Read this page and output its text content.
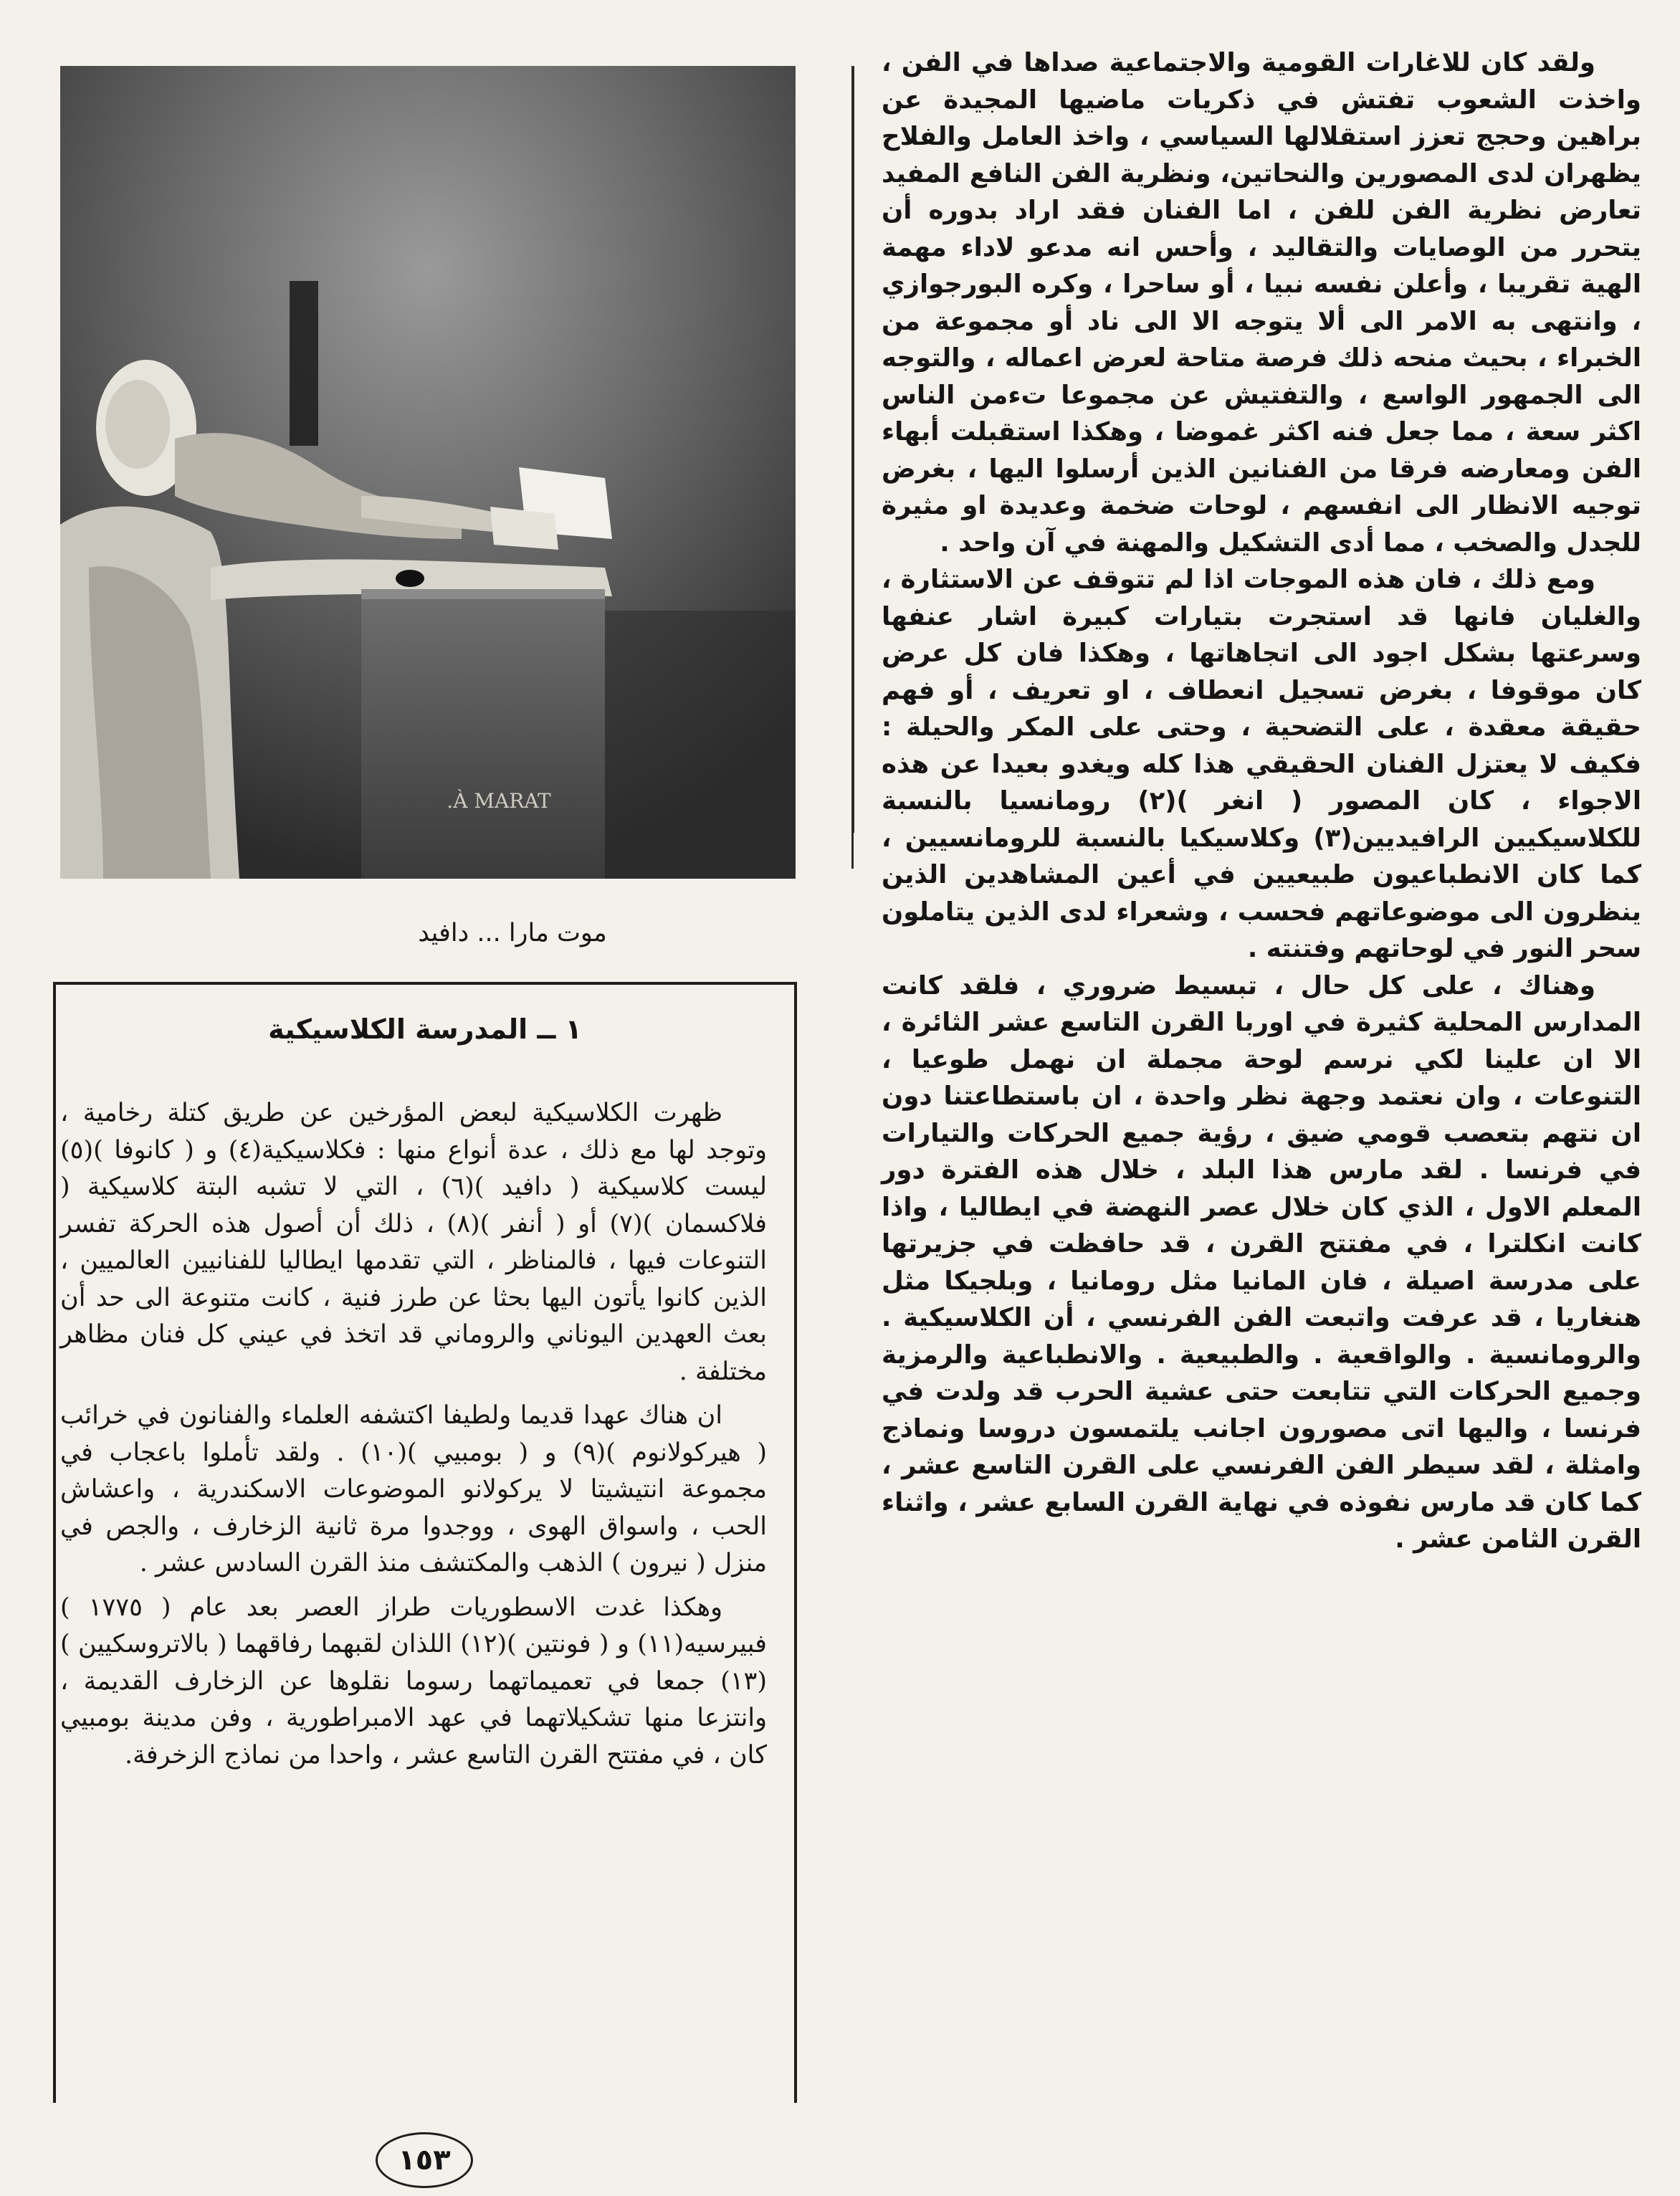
ولقد كان للاغارات القومية والاجتماعية صداها في الفن ، واخذت الشعوب تفتش في ذكريات ماضيها المجيدة عن براهين وحجج تعزز استقلالها السياسي ، واخذ العامل والفلاح يظهران لدى المصورين والنحاتين، ونظرية الفن النافع المفيد تعارض نظرية الفن للفن ، اما الفنان فقد اراد بدوره أن يتحرر من الوصايات والتقاليد ، وأحس انه مدعو لاداء مهمة الهية تقريبا ، وأعلن نفسه نبيا ، أو ساحرا ، وكره البورجوازي ، وانتهى به الامر الى ألا يتوجه الا الى ناد أو مجموعة من الخبراء ، بحيث منحه ذلك فرصة متاحة لعرض اعماله ، والتوجه الى الجمهور الواسع ، والتفتيش عن مجموعا تءمن الناس اكثر سعة ، مما جعل فنه اكثر غموضا ، وهكذا استقبلت أبهاء الفن ومعارضه فرقا من الفنانين الذين أرسلوا اليها ، بغرض توجيه الانظار الى انفسهم ، لوحات ضخمة وعديدة او مثيرة للجدل والصخب ، مما أدى التشكيل والمهنة في آن واحد .

ومع ذلك ، فان هذه الموجات اذا لم تتوقف عن الاستثارة ، والغليان فانها قد استجرت بتيارات كبيرة اشار عنفها وسرعتها بشكل اجود الى اتجاهاتها ، وهكذا فان كل عرض كان موقوفا ، بغرض تسجيل انعطاف ، او تعريف ، أو فهم حقيقة معقدة ، على التضحية ، وحتى على المكر والحيلة : فكيف لا يعتزل الفنان الحقيقي هذا كله ويغدو بعيدا عن هذه الاجواء ، كان المصور ( انغر )(٢) رومانسيا بالنسبة للكلاسيكيين الرافيديين(٣) وكلاسيكيا بالنسبة للرومانسيين ، كما كان الانطباعيون طبيعيين في أعين المشاهدين الذين ينظرون الى موضوعاتهم فحسب ، وشعراء لدى الذين يتاملون سحر النور في لوحاتهم وفتنته .

وهناك ، على كل حال ، تبسيط ضروري ، فلقد كانت المدارس المحلية كثيرة في اوربا القرن التاسع عشر الثائرة ، الا ان علينا لكي نرسم لوحة مجملة ان نهمل طوعيا ، التنوعات ، وان نعتمد وجهة نظر واحدة ، ان باستطاعتنا دون ان نتهم بتعصب قومي ضيق ، رؤية جميع الحركات والتيارات في فرنسا . لقد مارس هذا البلد ، خلال هذه الفترة دور المعلم الاول ، الذي كان خلال عصر النهضة في ايطاليا ، واذا كانت انكلترا ، في مفتتح القرن ، قد حافظت في جزيرتها على مدرسة اصيلة ، فان المانيا مثل رومانيا ، وبلجيكا مثل هنغاريا ، قد عرفت واتبعت الفن الفرنسي ، أن الكلاسيكية . والرومانسية . والواقعية . والطبيعية . والانطباعية والرمزية وجميع الحركات التي تتابعت حتى عشية الحرب قد ولدت في فرنسا ، واليها اتى مصورون اجانب يلتمسون دروسا ونماذج وامثلة ، لقد سيطر الفن الفرنسي على القرن التاسع عشر ، كما كان قد مارس نفوذه في نهاية القرن السابع عشر ، واثناء القرن الثامن عشر .

À MARAT.
موت مارا ... دافيد
١ ــ المدرسة الكلاسيكية

ظهرت الكلاسيكية لبعض المؤرخين عن طريق كتلة رخامية ، وتوجد لها مع ذلك ، عدة أنواع منها : فكلاسيكية(٤) و ( كانوفا )(٥) ليست كلاسيكية ( دافيد )(٦) ، التي لا تشبه البتة كلاسيكية ( فلاكسمان )(٧) أو ( أنفر )(٨) ، ذلك أن أصول هذه الحركة تفسر التنوعات فيها ، فالمناظر ، التي تقدمها ايطاليا للفنانيين العالميين ، الذين كانوا يأتون اليها بحثا عن طرز فنية ، كانت متنوعة الى حد أن بعث العهدين اليوناني والروماني قد اتخذ في عيني كل فنان مظاهر مختلفة .

ان هناك عهدا قديما ولطيفا اكتشفه العلماء والفنانون في خرائب ( هيركولانوم )(٩) و ( بومبيي )(١٠) . ولقد تأملوا باعجاب في مجموعة انتيشيتا لا يركولانو الموضوعات الاسكندرية ، واعشاش الحب ، واسواق الهوى ، ووجدوا مرة ثانية الزخارف ، والجص في منزل ( نيرون ) الذهب والمكتشف منذ القرن السادس عشر .

وهكذا غدت الاسطوريات طراز العصر بعد عام ( ١٧٧٥ ) فبيرسيه(١١) و ( فونتين )(١٢) اللذان لقبهما رفاقهما ( بالاتروسكيين )(١٣) جمعا في تعميماتهما رسوما نقلوها عن الزخارف القديمة ، وانتزعا منها تشكيلاتهما في عهد الامبراطورية ، وفن مدينة بومبيي كان ، في مفتتح القرن التاسع عشر ، واحدا من نماذج الزخرفة.

١٥٣
